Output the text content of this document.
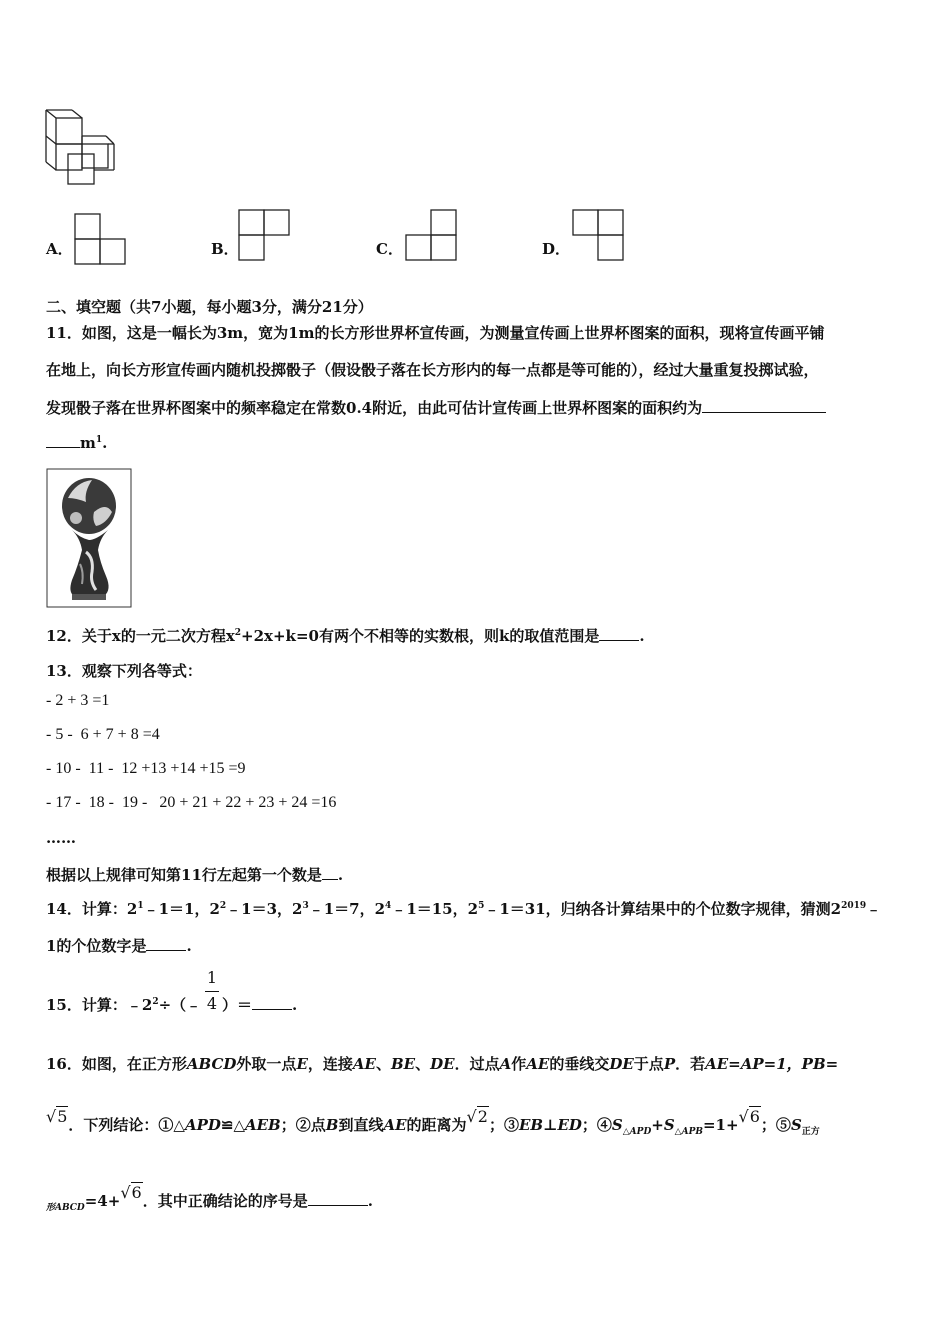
A．	B．	C．	D．
二、填空题（共7小题，每小题3分，满分21分）
11．如图，这是一幅长为3m，宽为1m的长方形世界杯宣传画，为测量宣传画上世界杯图案的面积，现将宣传画平铺
在地上，向长方形宣传画内随机投掷骰子（假设骰子落在长方形内的每一点都是等可能的），经过大量重复投掷试验，
发现骰子落在世界杯图案中的频率稳定在常数0.4附近，由此可估计宣传画上世界杯图案的面积约为
$m^1$.
12．关于x的一元二次方程$x^2+2x+k=0$有两个不相等的实数根，则k的取值范围是	.
13．观察下列各等式：
- 2 + 3 =1
- 5 -  6 + 7 + 8 =4
- 10 -  11 -  12 +13 +14 +15 =9
- 17 -  18 -  19 -   20 + 21 + 22 + 23 + 24 =16
……
根据以上规律可知第11行左起第一个数是 .
14．计算：$2^1﹣1=1$，$2^2﹣1=3$，$2^3﹣1=7$，$2^4﹣1=15$，$2^5﹣1=31$，归纳各计算结果中的个位数字规律，猜测$2^{2019}﹣$
1的个位数字是	.
1
4
15．计算：$﹣2^2\div(﹣$ ）＝	.
16．如图，在正方形ABCD外取一点E，连接AE、BE、DE．过点A作AE的垂线交DE于点P．若AE=AP=1，PB=
√5．下列结论：①△APD≌△AEB；②点B到直线AE的距离为√2；③EB⊥ED；$④S_{\triangle APD}+S_{\triangle APB}=1+√6$；$⑤S_{正方}$
$_{形ABCD}$=4+√6．其中正确结论的序号是	.
